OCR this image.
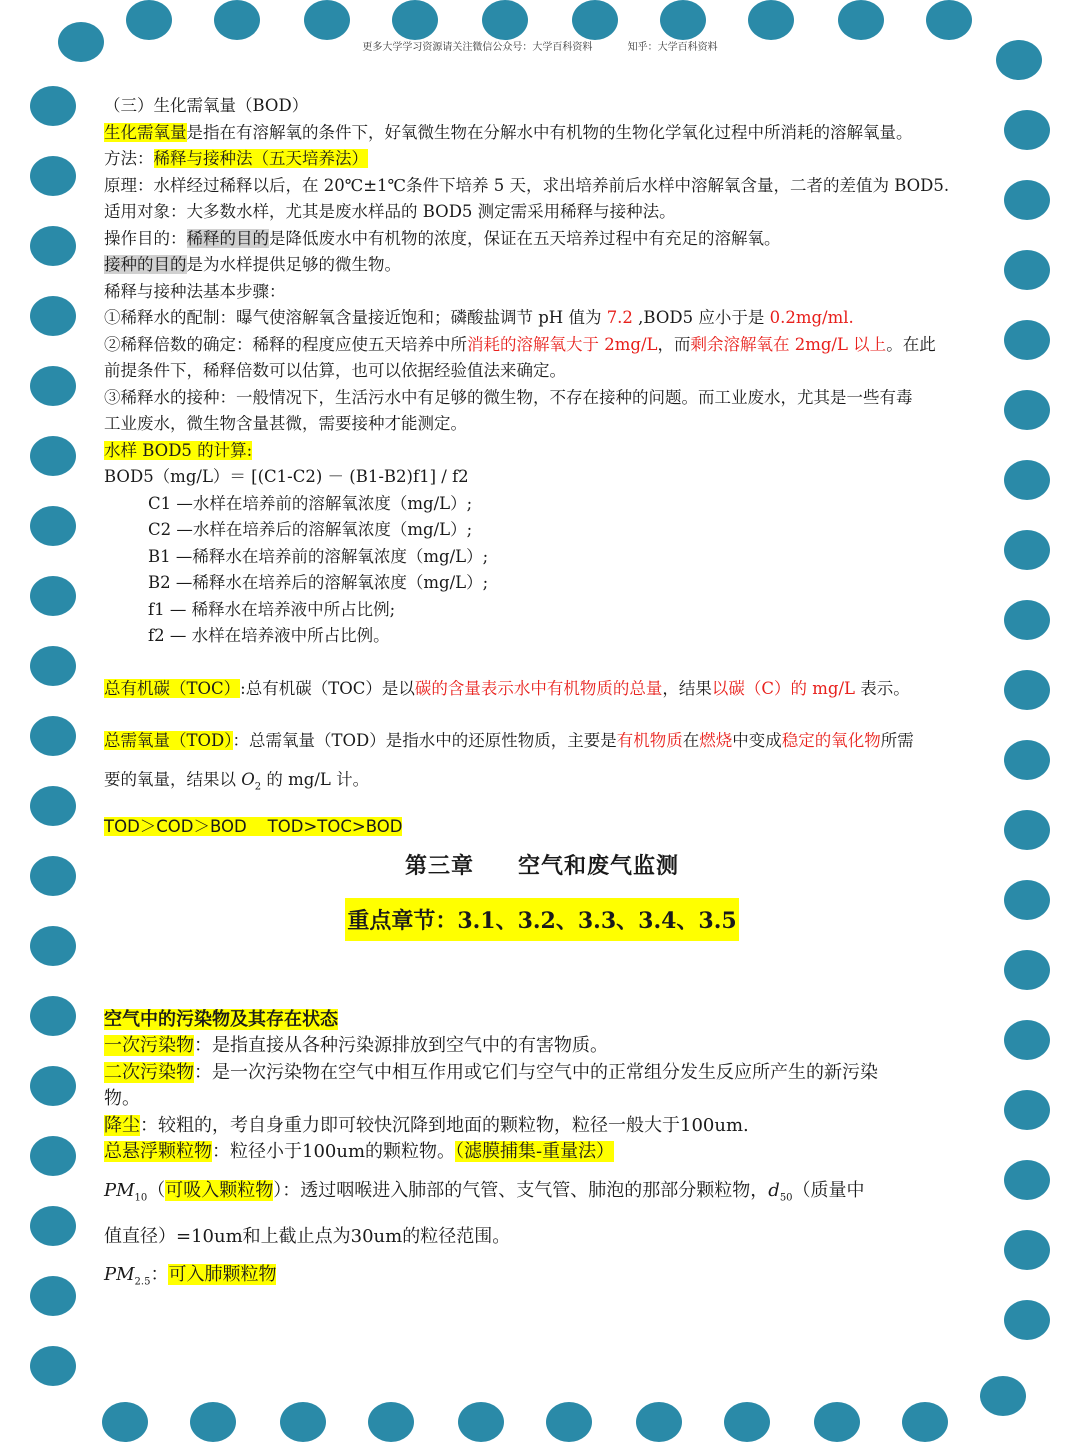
更多大学学习资源请关注微信公众号：大学百科资料	知乎：大学百科资料
（三）生化需氧量（BOD）
生化需氧量是指在有溶解氧的条件下，好氧微生物在分解水中有机物的生物化学氧化过程中所消耗的溶解氧量。
方法：稀释与接种法（五天培养法）
原理：水样经过稀释以后，在 20℃±1℃条件下培养 5 天，求出培养前后水样中溶解氧含量，二者的差值为 BOD5.
适用对象：大多数水样，尤其是废水样品的 BOD5 测定需采用稀释与接种法。
操作目的：稀释的目的是降低废水中有机物的浓度，保证在五天培养过程中有充足的溶解氧。
接种的目的是为水样提供足够的微生物。
稀释与接种法基本步骤：
①稀释水的配制：曝气使溶解氧含量接近饱和；磷酸盐调节 pH 值为 7.2 ,BOD5 应小于是 0.2mg/ml.
②稀释倍数的确定：稀释的程度应使五天培养中所消耗的溶解氧大于 2mg/L，而剩余溶解氧在 2mg/L 以上。在此
前提条件下，稀释倍数可以估算，也可以依据经验值法来确定。
③稀释水的接种：一般情况下，生活污水中有足够的微生物，不存在接种的问题。而工业废水，尤其是一些有毒
工业废水，微生物含量甚微，需要接种才能测定。
水样 BOD5 的计算:
BOD5（mg/L）＝ [(C1-C2) － (B1-B2)f1] / f2
C1 —水样在培养前的溶解氧浓度（mg/L）;
C2 —水样在培养后的溶解氧浓度（mg/L）;
B1 —稀释水在培养前的溶解氧浓度（mg/L）;
B2 —稀释水在培养后的溶解氧浓度（mg/L）;
f1 — 稀释水在培养液中所占比例;
f2 — 水样在培养液中所占比例。
总有机碳（TOC）:总有机碳（TOC）是以碳的含量表示水中有机物质的总量，结果以碳（C）的 mg/L 表示。
总需氧量（TOD）：总需氧量（TOD）是指水中的还原性物质，主要是有机物质在燃烧中变成稳定的氧化物所需
要的氧量，结果以 $O_2$ 的 mg/L 计。
TOD＞COD＞BOD    TOD>TOC>BOD
第三章 空气和废气监测
重点章节：3.1、3.2、3.3、3.4、3.5
空气中的污染物及其存在状态
一次污染物：是指直接从各种污染源排放到空气中的有害物质。
二次污染物：是一次污染物在空气中相互作用或它们与空气中的正常组分发生反应所产生的新污染
物。
降尘：较粗的，考自身重力即可较快沉降到地面的颗粒物，粒径一般大于100um.
总悬浮颗粒物：粒径小于100um的颗粒物。（滤膜捕集-重量法）
$PM_{10}$（可吸入颗粒物）：透过咽喉进入肺部的气管、支气管、肺泡的那部分颗粒物，$d_{50}$（质量中
值直径）=10um和上截止点为30um的粒径范围。
$PM_{2.5}$：可入肺颗粒物
